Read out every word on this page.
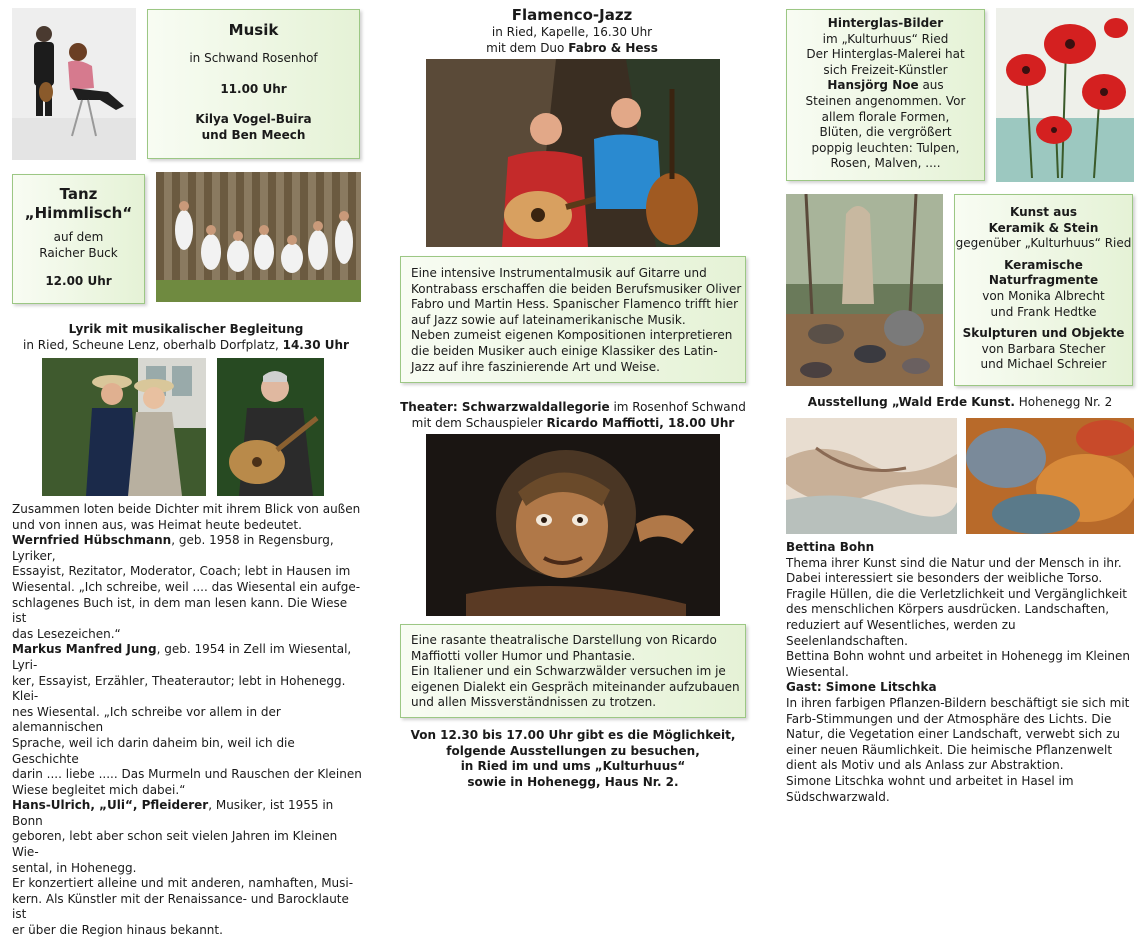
Musik

in Schwand Rosenhof

11.00 Uhr

Kilya Vogel-Buira

und Ben Meech

Tanz

„Himmlisch“

auf dem

Raicher Buck

12.00 Uhr

Lyrik mit musikalischer Begleitung

in Ried, Scheune Lenz, oberhalb Dorfplatz, 14.30 Uhr

Zusammen loten beide Dichter mit ihrem Blick von außen

und von innen aus, was Heimat heute bedeutet.

Wernfried Hübschmann, geb. 1958 in Regensburg, Lyriker,

Essayist, Rezitator, Moderator, Coach; lebt in Hausen im

Wiesental. „Ich schreibe, weil .... das Wiesental ein aufge-

schlagenes Buch ist, in dem man lesen kann. Die Wiese ist

das Lesezeichen.“

Markus Manfred Jung, geb. 1954 in Zell im Wiesental, Lyri-

ker, Essayist, Erzähler, Theaterautor; lebt in Hohenegg. Klei-

nes Wiesental. „Ich schreibe vor allem in der alemannischen

Sprache, weil ich darin daheim bin, weil ich die Geschichte

darin .... liebe ..... Das Murmeln und Rauschen der Kleinen

Wiese begleitet mich dabei.“

Hans-Ulrich, „Uli“, Pfleiderer, Musiker, ist 1955 in Bonn

geboren, lebt aber schon seit vielen Jahren im Kleinen Wie-

sental, in Hohenegg.

Er konzertiert alleine und mit anderen, namhaften, Musi-

kern. Als Künstler mit der Renaissance- und Barocklaute ist

er über die Region hinaus bekannt.

Flamenco-Jazz

in Ried, Kapelle, 16.30 Uhr

mit dem Duo Fabro & Hess

Eine intensive Instrumentalmusik auf Gitarre und

Kontrabass erschaffen die beiden Berufsmusiker Oliver

Fabro und Martin Hess. Spanischer Flamenco trifft hier

auf Jazz sowie auf lateinamerikanische Musik.

Neben zumeist eigenen Kompositionen interpretieren

die beiden Musiker auch einige Klassiker des Latin-

Jazz auf ihre faszinierende Art und Weise.

Theater: Schwarzwaldallegorie im Rosenhof Schwand

mit dem Schauspieler Ricardo Maffiotti, 18.00 Uhr

Eine rasante theatralische Darstellung von Ricardo

Maffiotti voller Humor und Phantasie.

Ein Italiener und ein Schwarzwälder versuchen im je

eigenen Dialekt ein Gespräch miteinander aufzubauen

und allen Missverständnissen zu trotzen.

Von 12.30 bis 17.00 Uhr gibt es die Möglichkeit,

folgende Ausstellungen zu besuchen,

in Ried im und ums „Kulturhuus“

sowie in Hohenegg, Haus Nr. 2.

Hinterglas-Bilder

im „Kulturhuus“ Ried

Der Hinterglas-Malerei hat

sich Freizeit-Künstler

Hansjörg Noe aus

Steinen angenommen. Vor

allem florale Formen,

Blüten, die vergrößert

poppig leuchten: Tulpen,

Rosen, Malven, ....

Kunst aus

Keramik & Stein

gegenüber „Kulturhuus“ Ried

Keramische

Naturfragmente

von Monika Albrecht

und Frank Hedtke

Skulpturen und Objekte

von Barbara Stecher

und Michael Schreier

Ausstellung „Wald Erde Kunst. Hohenegg Nr. 2

Bettina Bohn

Thema ihrer Kunst sind die Natur und der Mensch in ihr.

Dabei interessiert sie besonders der weibliche Torso.

Fragile Hüllen, die die Verletzlichkeit und Vergänglichkeit

des menschlichen Körpers ausdrücken. Landschaften,

reduziert auf Wesentliches, werden zu Seelenlandschaften.

Bettina Bohn wohnt und arbeitet in Hohenegg im Kleinen

Wiesental.

Gast: Simone Litschka

In ihren farbigen Pflanzen-Bildern beschäftigt sie sich mit

Farb-Stimmungen und der Atmosphäre des Lichts. Die

Natur, die Vegetation einer Landschaft, verwebt sich zu

einer neuen Räumlichkeit. Die heimische Pflanzenwelt

dient als Motiv und als Anlass zur Abstraktion.

Simone Litschka wohnt und arbeitet in Hasel im

Südschwarzwald.
